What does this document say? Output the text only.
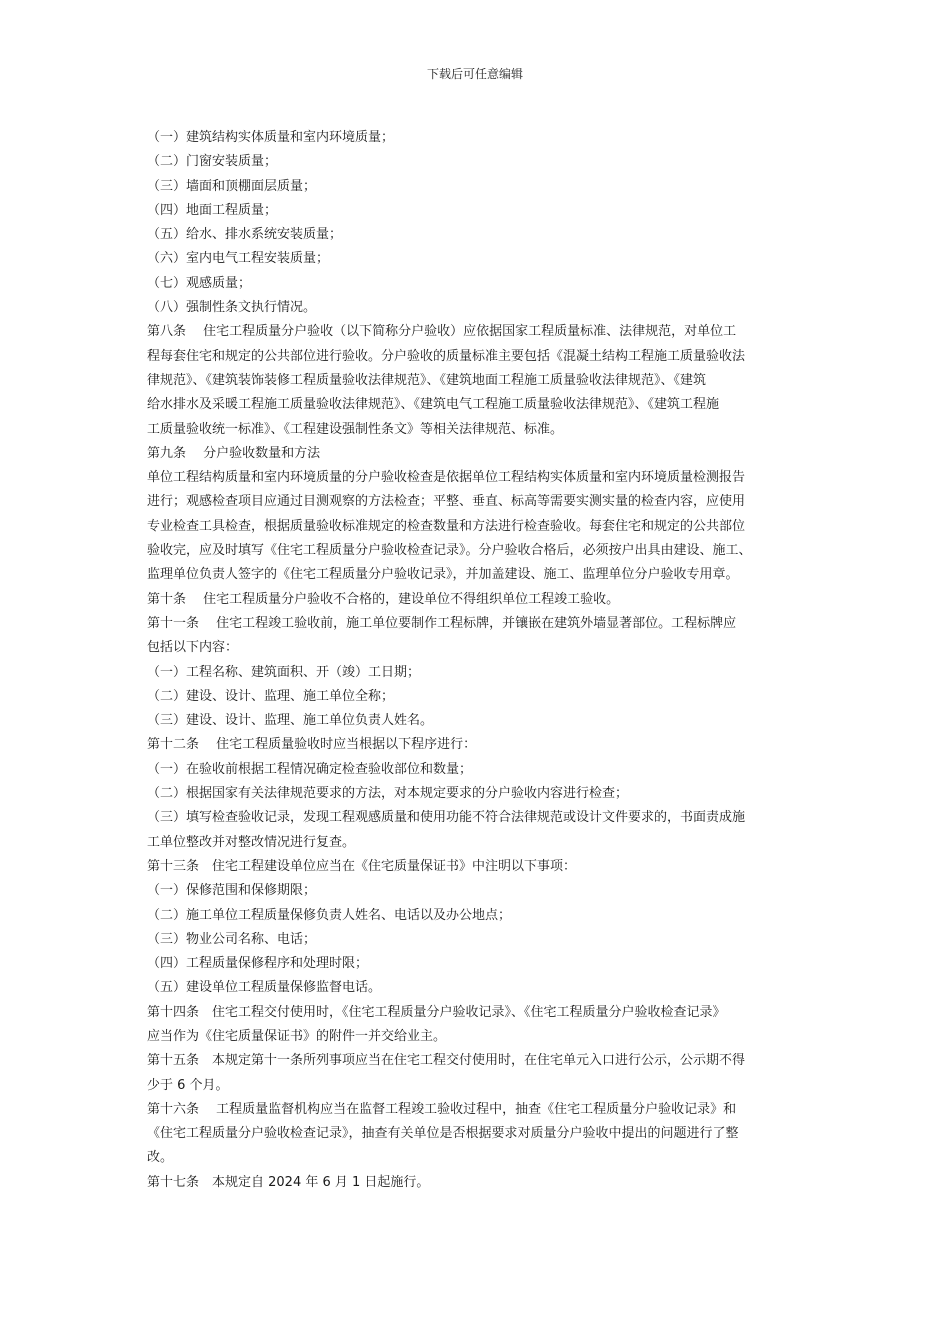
下载后可任意编辑
（一）建筑结构实体质量和室内环境质量；
（二）门窗安装质量；
（三）墙面和顶棚面层质量；
（四）地面工程质量；
（五）给水、排水系统安装质量；
（六）室内电气工程安装质量；
（七）观感质量；
（八）强制性条文执行情况。
第八条　 住宅工程质量分户验收（以下简称分户验收）应依据国家工程质量标准、法律规范，对单位工
程每套住宅和规定的公共部位进行验收。分户验收的质量标准主要包括《混凝土结构工程施工质量验收法
律规范》、《建筑装饰装修工程质量验收法律规范》、《建筑地面工程施工质量验收法律规范》、《建筑
给水排水及采暖工程施工质量验收法律规范》、《建筑电气工程施工质量验收法律规范》、《建筑工程施
工质量验收统一标准》、《工程建设强制性条文》等相关法律规范、标准。
第九条　 分户验收数量和方法
单位工程结构质量和室内环境质量的分户验收检查是依据单位工程结构实体质量和室内环境质量检测报告
进行；观感检查项目应通过目测观察的方法检查；平整、垂直、标高等需要实测实量的检查内容，应使用
专业检查工具检查，根据质量验收标准规定的检查数量和方法进行检查验收。每套住宅和规定的公共部位
验收完，应及时填写《住宅工程质量分户验收检查记录》。分户验收合格后，必须按户出具由建设、施工、
监理单位负责人签字的《住宅工程质量分户验收记录》，并加盖建设、施工、监理单位分户验收专用章。
第十条　 住宅工程质量分户验收不合格的，建设单位不得组织单位工程竣工验收。
第十一条　 住宅工程竣工验收前，施工单位要制作工程标牌，并镶嵌在建筑外墙显著部位。工程标牌应
包括以下内容：
（一）工程名称、建筑面积、开（竣）工日期；
（二）建设、设计、监理、施工单位全称；
（三）建设、设计、监理、施工单位负责人姓名。
第十二条　 住宅工程质量验收时应当根据以下程序进行：
（一）在验收前根据工程情况确定检查验收部位和数量；
（二）根据国家有关法律规范要求的方法，对本规定要求的分户验收内容进行检查；
（三）填写检查验收记录，发现工程观感质量和使用功能不符合法律规范或设计文件要求的，书面责成施
工单位整改并对整改情况进行复查。
第十三条　住宅工程建设单位应当在《住宅质量保证书》中注明以下事项：
（一）保修范围和保修期限；
（二）施工单位工程质量保修负责人姓名、电话以及办公地点；
（三）物业公司名称、电话；
（四）工程质量保修程序和处理时限；
（五）建设单位工程质量保修监督电话。
第十四条　住宅工程交付使用时，《住宅工程质量分户验收记录》、《住宅工程质量分户验收检查记录》
应当作为《住宅质量保证书》的附件一并交给业主。
第十五条　本规定第十一条所列事项应当在住宅工程交付使用时，在住宅单元入口进行公示，公示期不得
少于 6 个月。
第十六条　 工程质量监督机构应当在监督工程竣工验收过程中，抽查《住宅工程质量分户验收记录》和
《住宅工程质量分户验收检查记录》，抽查有关单位是否根据要求对质量分户验收中提出的问题进行了整
改。
第十七条　本规定自 2024 年 6 月 1 日起施行。
